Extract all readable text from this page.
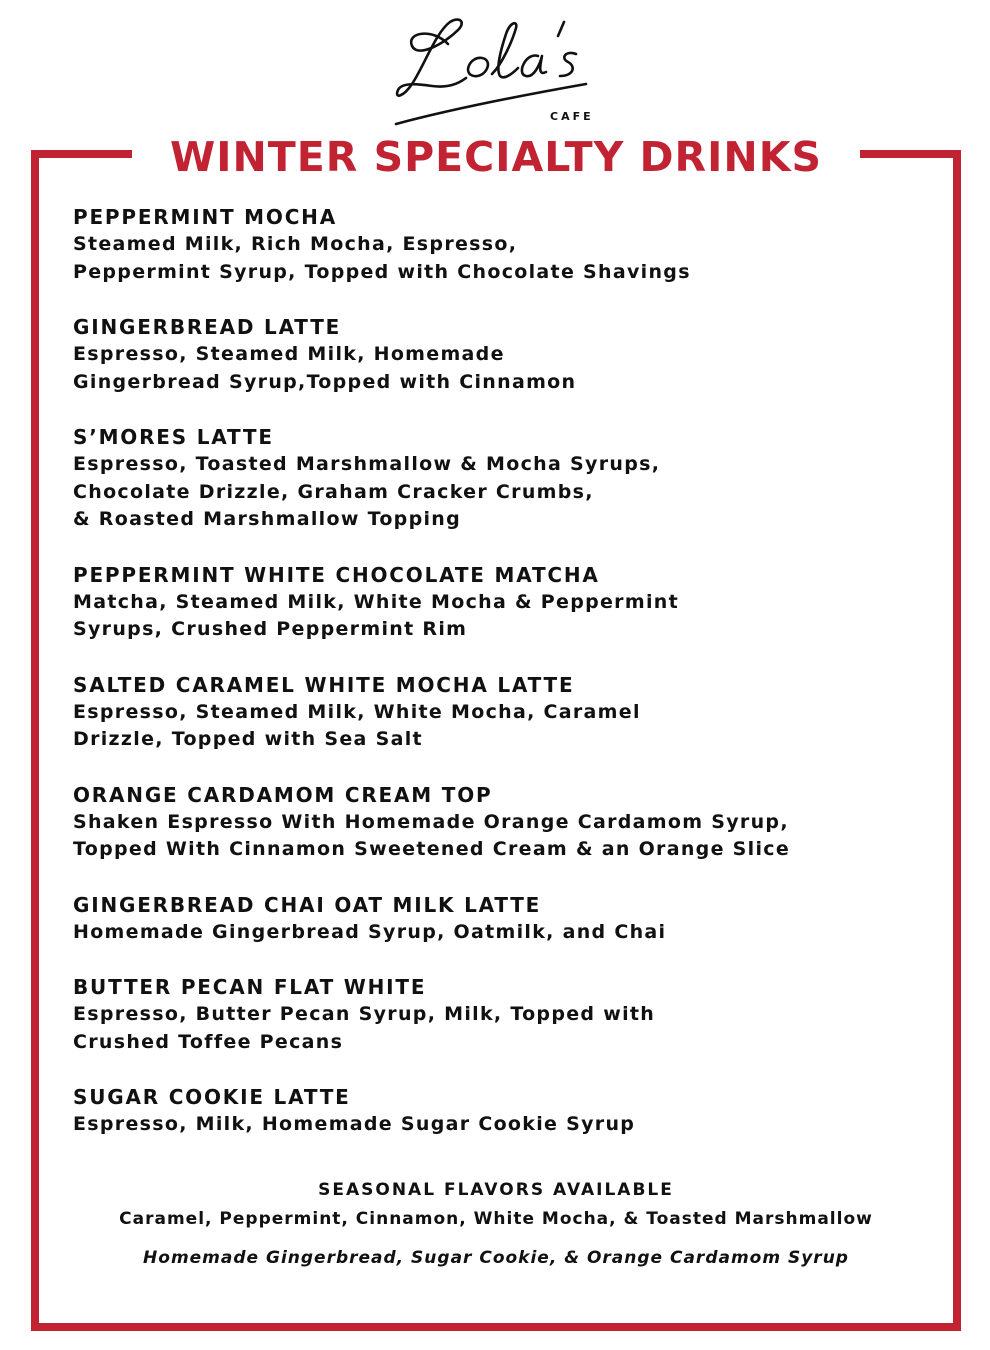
CAFE
WINTER SPECIALTY DRINKS
PEPPERMINT MOCHA
Steamed Milk, Rich Mocha, Espresso,
Peppermint Syrup, Topped with Chocolate Shavings
GINGERBREAD LATTE
Espresso, Steamed Milk, Homemade
Gingerbread Syrup,Topped with Cinnamon
S’MORES LATTE
Espresso, Toasted Marshmallow & Mocha Syrups,
Chocolate Drizzle, Graham Cracker Crumbs,
& Roasted Marshmallow Topping
PEPPERMINT WHITE CHOCOLATE MATCHA
Matcha, Steamed Milk, White Mocha & Peppermint
Syrups, Crushed Peppermint Rim
SALTED CARAMEL WHITE MOCHA LATTE
Espresso, Steamed Milk, White Mocha, Caramel
Drizzle, Topped with Sea Salt
ORANGE CARDAMOM CREAM TOP
Shaken Espresso With Homemade Orange Cardamom Syrup,
Topped With Cinnamon Sweetened Cream & an Orange Slice
GINGERBREAD CHAI OAT MILK LATTE
Homemade Gingerbread Syrup, Oatmilk, and Chai
BUTTER PECAN FLAT WHITE
Espresso, Butter Pecan Syrup, Milk, Topped with
Crushed Toffee Pecans
SUGAR COOKIE LATTE
Espresso, Milk, Homemade Sugar Cookie Syrup
SEASONAL FLAVORS AVAILABLE
Caramel, Peppermint, Cinnamon, White Mocha, & Toasted Marshmallow
Homemade Gingerbread, Sugar Cookie, & Orange Cardamom Syrup
